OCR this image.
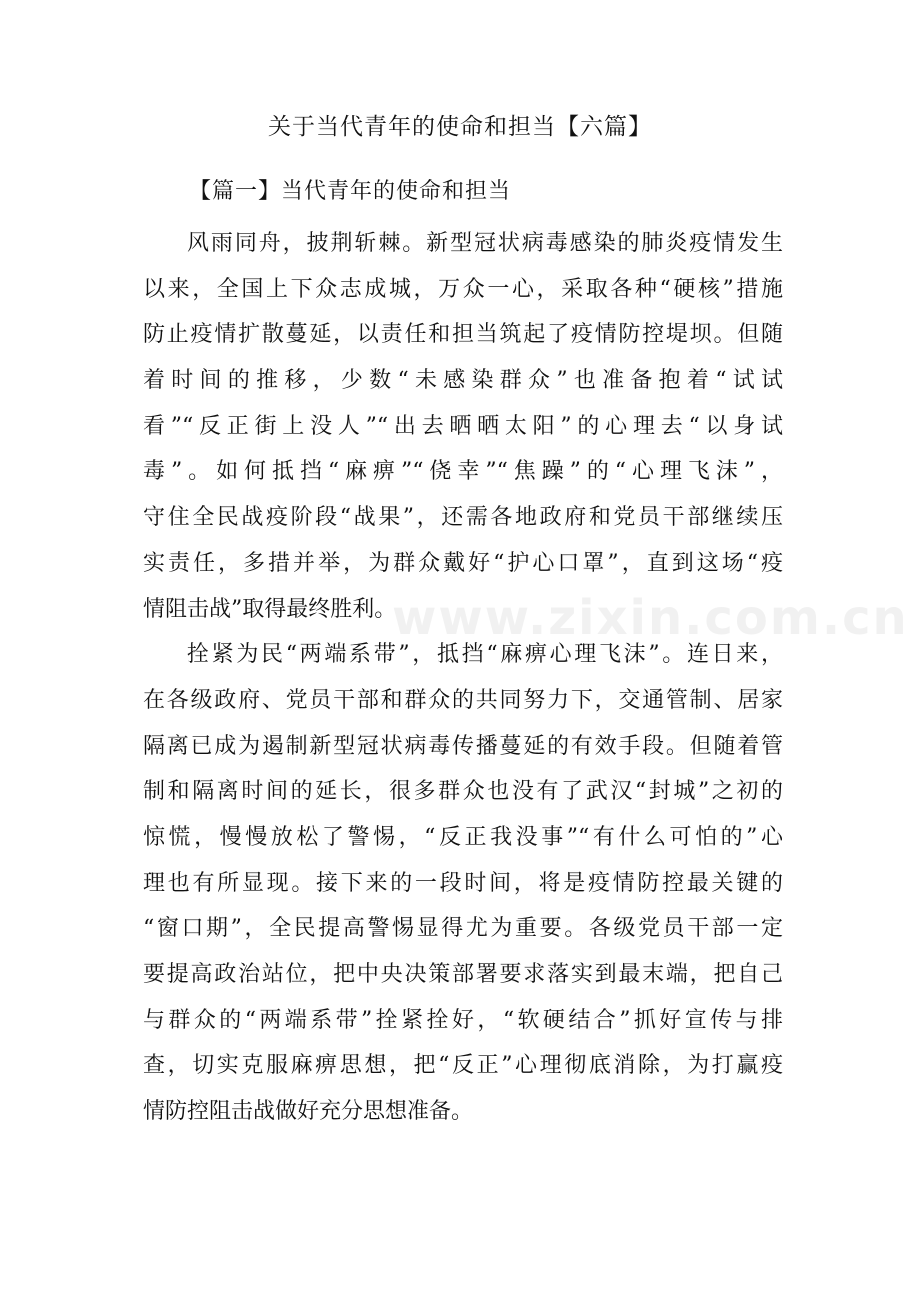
关于当代青年的使命和担当【六篇】
【篇一】当代青年的使命和担当
风雨同舟，披荆斩棘。新型冠状病毒感染的肺炎疫情发生
以来，全国上下众志成城，万众一心，采取各种“硬核”措施
防止疫情扩散蔓延，以责任和担当筑起了疫情防控堤坝。但随
着时间的推移，少数“未感染群众”也准备抱着“试试
看”“反正街上没人”“出去晒晒太阳”的心理去“以身试
毒”。如何抵挡“麻痹”“侥幸”“焦躁”的“心理飞沫”，
守住全民战疫阶段“战果”，还需各地政府和党员干部继续压
实责任，多措并举，为群众戴好“护心口罩”，直到这场“疫
情阻击战”取得最终胜利。
拴紧为民“两端系带”，抵挡“麻痹心理飞沫”。连日来，
在各级政府、党员干部和群众的共同努力下，交通管制、居家
隔离已成为遏制新型冠状病毒传播蔓延的有效手段。但随着管
制和隔离时间的延长，很多群众也没有了武汉“封城”之初的
惊慌，慢慢放松了警惕，“反正我没事”“有什么可怕的”心
理也有所显现。接下来的一段时间，将是疫情防控最关键的
“窗口期”，全民提高警惕显得尤为重要。各级党员干部一定
要提高政治站位，把中央决策部署要求落实到最末端，把自己
与群众的“两端系带”拴紧拴好，“软硬结合”抓好宣传与排
查，切实克服麻痹思想，把“反正”心理彻底消除，为打赢疫
情防控阻击战做好充分思想准备。
www.zixin.com.cn
